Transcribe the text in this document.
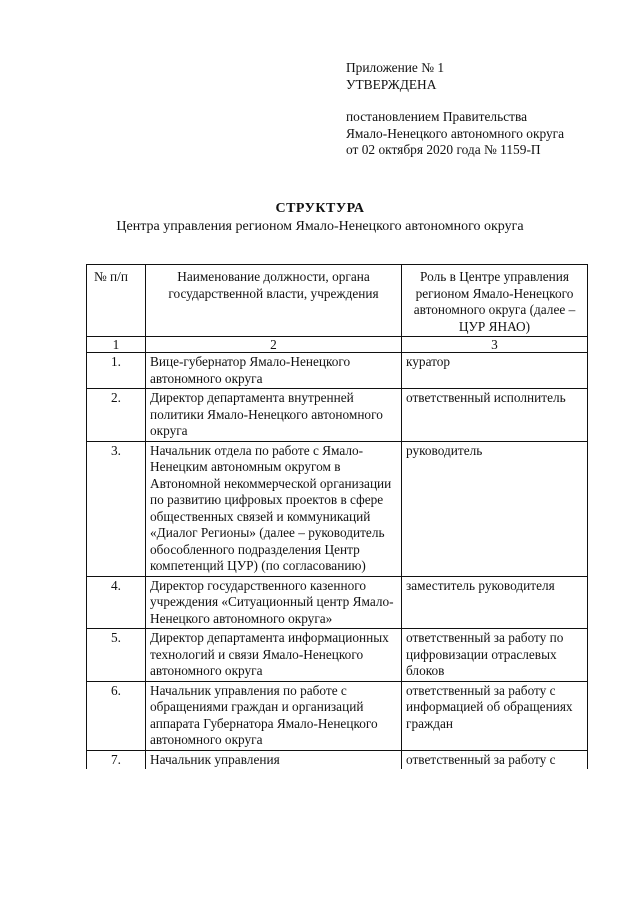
Приложение № 1
УТВЕРЖДЕНА
постановлением Правительства
Ямало-Ненецкого автономного округа
от 02 октября 2020 года № 1159-П
СТРУКТУРА
Центра управления регионом Ямало-Ненецкого автономного округа
№ п/п	Наименование должности, органа государственной власти, учреждения	Роль в Центре управления регионом Ямало-Ненецкого автономного округа (далее – ЦУР ЯНАО)
1	2	3
1.	Вице-губернатор Ямало-Ненецкого автономного округа	куратор
2.	Директор департамента внутренней политики Ямало-Ненецкого автономного округа	ответственный исполнитель
3.	Начальник отдела по работе с Ямало-Ненецким автономным округом в Автономной некоммерческой организации по развитию цифровых проектов в сфере общественных связей и коммуникаций «Диалог Регионы» (далее – руководитель обособленного подразделения Центр компетенций ЦУР) (по согласованию)	руководитель
4.	Директор государственного казенного учреждения «Ситуационный центр Ямало-Ненецкого автономного округа»	заместитель руководителя
5.	Директор департамента информационных технологий и связи Ямало-Ненецкого автономного округа	ответственный за работу по цифровизации отраслевых блоков
6.	Начальник управления по работе с обращениями граждан и организаций аппарата Губернатора Ямало-Ненецкого автономного округа	ответственный за работу с информацией об обращениях граждан
7.	Начальник управления	ответственный за работу с
